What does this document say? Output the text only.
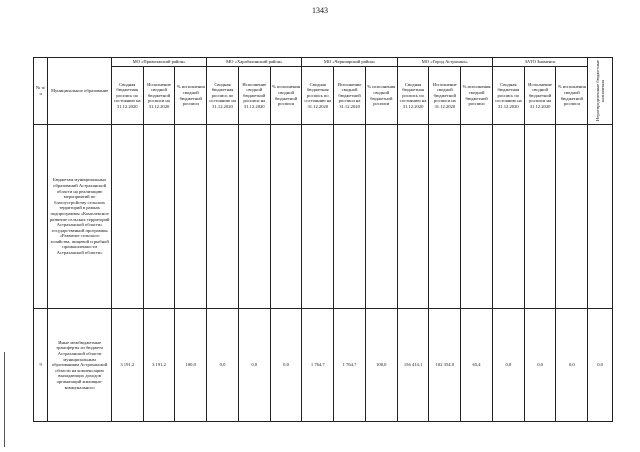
1343
№ п/п	Муниципальное образование	МО «Приволжский район»			МО «Харабалинский район»			МО «Черноярский район»			МО «Город Астрахань»			ЗАТО Знаменск			Нераспределенные бюджетные назначения

		Сводная бюджетная роспись по состоянию на 31.12.2020	Исполнение сводной бюджетной росписи на 31.12.2020	% исполнения сводной бюджетной росписи	Сводная бюджетная роспись по состоянию на 31.12.2020	Исполнение сводной бюджетной росписи на 31.12.2020	% исполнения сводной бюджетной росписи	Сводная бюджетная роспись по состоянию на 31.12.2020	Исполнение сводной бюджетной росписи на 31.12.2020	% исполнения сводной бюджетной росписи	Сводная бюджетная роспись по состоянию на 31.12.2020	Исполнение сводной бюджетной росписи на 31.12.2020	% исполнения сводной бюджетной росписи	Сводная бюджетная роспись по состоянию на 31.12.2020	Исполнение сводной бюджетной росписи на 31.12.2020	% исполнения сводной бюджетной росписи	
	Бюджетам муниципальных образований Астраханской области на реализацию мероприятий по благоустройству сельских территорий в рамках подпрограммы «Комплексное развитие сельских территорий Астраханской области» государственной программы «Развитие сельского хозяйства, пищевой и рыбной промышленности Астраханской области»																
9	Иные межбюджетные трансферты из бюджета Астраханской области муниципальным образованиям Астраханской области на компенсацию выпадающих доходов организаций жилищно-коммунального	3 191,2	3 191,2	100,0	0,0	0,0	0,0	1 764,7	1 764,7	100,0	156 414,1	102 354,0	65,4	0,0	0,0	0,0	0,0
